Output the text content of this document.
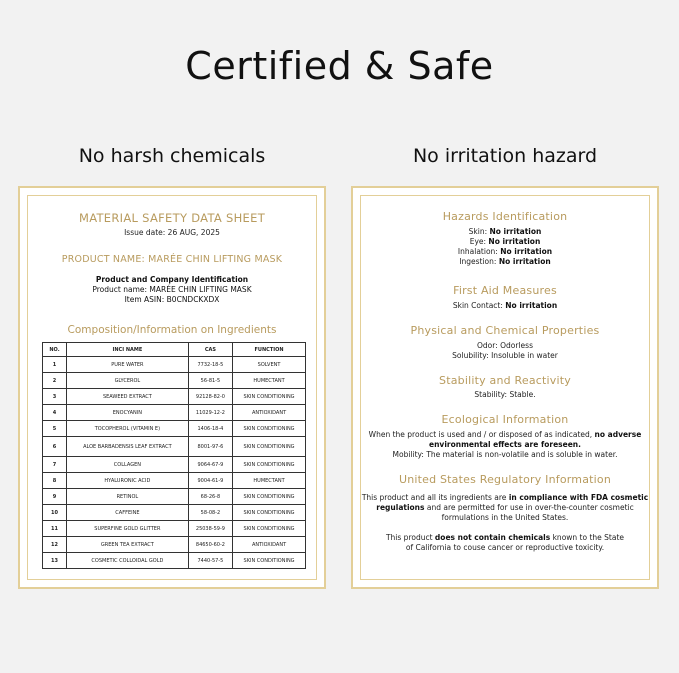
Certified & Safe
No harsh chemicals	No irritation hazard
MATERIAL SAFETY DATA SHEET
Issue date: 26 AUG, 2025
PRODUCT NAME: MARÉE CHIN LIFTING MASK
Product and Company Identification
Product name: MARÉE CHIN LIFTING MASK
Item ASIN: B0CNDCKXDX
Composition/Information on Ingredients
NO.	INCI NAME	CAS	FUNCTION
1	PURE WATER	7732-18-5	SOLVENT
2	GLYCEROL	56-81-5	HUMECTANT
3	SEAWEED EXTRACT	92128-82-0	SKIN CONDITIONING
4	ENOCYANIN	11029-12-2	ANTIOXIDANT
5	TOCOPHEROL (VITAMIN E)	1406-18-4	SKIN CONDITIONING
6	ALOE BARBADENSIS LEAF EXTRACT	8001-97-6	SKIN CONDITIONING
7	COLLAGEN	9064-67-9	SKIN CONDITIONING
8	HYALURONIC ACID	9004-61-9	HUMECTANT
9	RETINOL	68-26-8	SKIN CONDITIONING
10	CAFFEINE	58-08-2	SKIN CONDITIONING
11	SUPERFINE GOLD GLITTER	25038-59-9	SKIN CONDITIONING
12	GREEN TEA EXTRACT	84650-60-2	ANTIOXIDANT
13	COSMETIC COLLOIDAL GOLD	7440-57-5	SKIN CONDITIONING
Hazards Identification
Skin: No irritation
Eye: No irritation
Inhalation: No irritation
Ingestion: No irritation
First Aid Measures
Skin Contact: No irritation
Physical and Chemical Properties
Odor: Odorless
Solubility: Insoluble in water
Stability and Reactivity
Stability: Stable.
Ecological Information
When the product is used and / or disposed of as indicated, no adverse
environmental effects are foreseen.
Mobility: The material is non-volatile and is soluble in water.
United States Regulatory Information
This product and all its ingredients are in compliance with FDA cosmetic
regulations and are permitted for use in over-the-counter cosmetic
formulations in the United States.
This product does not contain chemicals known to the State
of California to couse cancer or reproductive toxicity.
